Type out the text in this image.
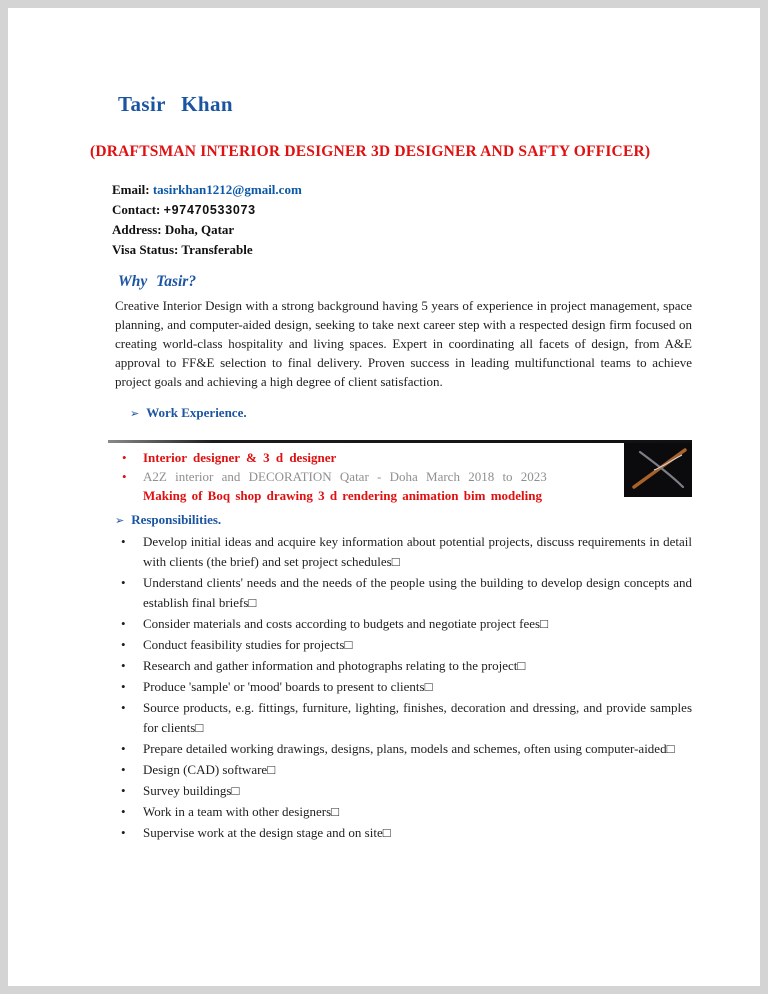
Tasir Khan
(DRAFTSMAN INTERIOR DESIGNER 3D DESIGNER AND SAFTY OFFICER)

Email: tasirkhan1212@gmail.com

Contact: +97470533073

Address: Doha, Qatar

Visa Status: Transferable

Why Tasir?
Creative Interior Design with a strong background having 5 years of experience in project management, space planning, and computer-aided design, seeking to take next career step with a respected design firm focused on creating world-class hospitality and living spaces. Expert in coordinating all facets of design, from A&E approval to FF&E selection to final delivery. Proven success in leading multifunctional teams to achieve project goals and achieving a high degree of client satisfaction.
➢ Work Experience.
• Interior designer & 3 d designer
• A2Z interior and DECORATION Qatar - Doha March 2018 to 2023
Making of Boq shop drawing 3 d rendering animation bim modeling
➢ Responsibilities.
• Develop initial ideas and acquire key information about potential projects, discuss requirements in detail with clients (the brief) and set project schedules□
• Understand clients' needs and the needs of the people using the building to develop design concepts and establish final briefs□
• Consider materials and costs according to budgets and negotiate project fees□
• Conduct feasibility studies for projects□
• Research and gather information and photographs relating to the project□
• Produce 'sample' or 'mood' boards to present to clients□
• Source products, e.g. fittings, furniture, lighting, finishes, decoration and dressing, and provide samples for clients□
• Prepare detailed working drawings, designs, plans, models and schemes, often using computer-aided□
• Design (CAD) software□
• Survey buildings□
• Work in a team with other designers□
• Supervise work at the design stage and on site□
